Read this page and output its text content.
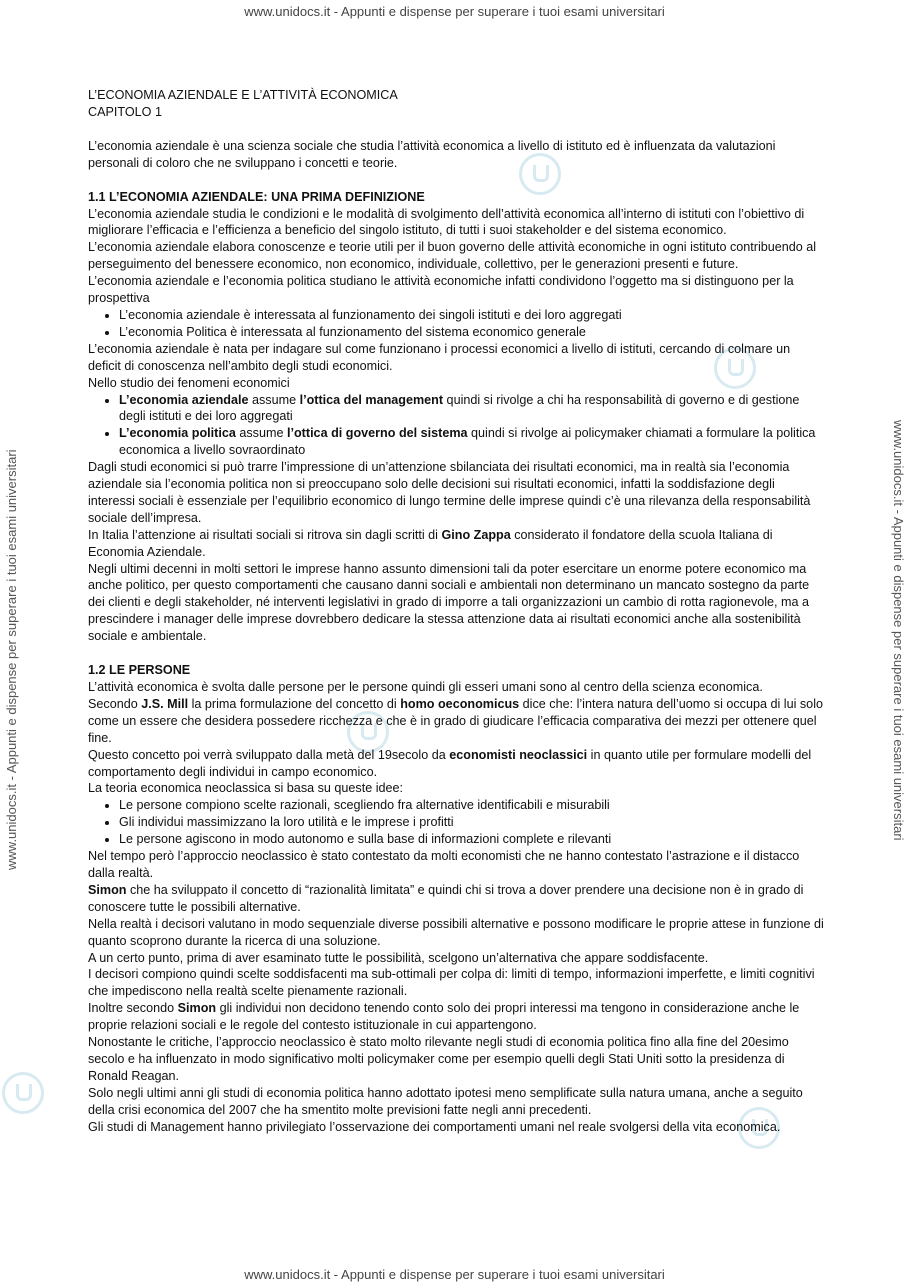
www.unidocs.it - Appunti e dispense per superare i tuoi esami universitari
www.unidocs.it - Appunti e dispense per superare i tuoi esami universitari	www.unidocs.it - Appunti e dispense per superare i tuoi esami universitari

L’ECONOMIA AZIENDALE E L’ATTIVITÀ ECONOMICA

CAPITOLO 1

L’economia aziendale è una scienza sociale che studia l’attività economica a livello di istituto ed è influenzata da valutazioni personali di coloro che ne sviluppano i concetti e teorie.

1.1 L’ECONOMIA AZIENDALE: UNA PRIMA DEFINIZIONE

L’economia aziendale studia le condizioni e le modalità di svolgimento dell’attività economica all’interno di istituti con l’obiettivo di migliorare l’efficacia e l’efficienza a beneficio del singolo istituto, di tutti i suoi stakeholder e del sistema economico.

L’economia aziendale elabora conoscenze e teorie utili per il buon governo delle attività economiche in ogni istituto contribuendo al perseguimento del benessere economico, non economico, individuale, collettivo, per le generazioni presenti e future.

L’economia aziendale e l’economia politica studiano le attività economiche infatti condividono l’oggetto ma si distinguono per la prospettiva

• L’economia aziendale è interessata al funzionamento dei singoli istituti e dei loro aggregati
• L’economia Politica è interessata al funzionamento del sistema economico generale

L’economia aziendale è nata per indagare sul come funzionano i processi economici a livello di istituti, cercando di colmare un deficit di conoscenza nell’ambito degli studi economici.

Nello studio dei fenomeni economici

• L’economia aziendale assume l’ottica del management quindi si rivolge a chi ha responsabilità di governo e di gestione degli istituti e dei loro aggregati
• L’economia politica assume l’ottica di governo del sistema quindi si rivolge ai policymaker chiamati a formulare la politica economica a livello sovraordinato

Dagli studi economici si può trarre l’impressione di un’attenzione sbilanciata dei risultati economici, ma in realtà sia l’economia aziendale sia l’economia politica non si preoccupano solo delle decisioni sui risultati economici, infatti la soddisfazione degli interessi sociali è essenziale per l’equilibrio economico di lungo termine delle imprese quindi c’è una rilevanza della responsabilità sociale dell’impresa.

In Italia l’attenzione ai risultati sociali si ritrova sin dagli scritti di Gino Zappa considerato il fondatore della scuola Italiana di Economia Aziendale.

Negli ultimi decenni in molti settori le imprese hanno assunto dimensioni tali da poter esercitare un enorme potere economico ma anche politico, per questo comportamenti che causano danni sociali e ambientali non determinano un mancato sostegno da parte dei clienti e degli stakeholder, né interventi legislativi in grado di imporre a tali organizzazioni un cambio di rotta ragionevole, ma a prescindere i manager delle imprese dovrebbero dedicare la stessa attenzione data ai risultati economici anche alla sostenibilità sociale e ambientale.

1.2 LE PERSONE

L’attività economica è svolta dalle persone per le persone quindi gli esseri umani sono al centro della scienza economica.

Secondo J.S. Mill la prima formulazione del concetto di homo oeconomicus dice che: l’intera natura dell’uomo si occupa di lui solo come un essere che desidera possedere ricchezza e che è in grado di giudicare l’efficacia comparativa dei mezzi per ottenere quel fine.

Questo concetto poi verrà sviluppato dalla metà del 19secolo da economisti neoclassici in quanto utile per formulare modelli del comportamento degli individui in campo economico.

La teoria economica neoclassica si basa su queste idee:

• Le persone compiono scelte razionali, scegliendo fra alternative identificabili e misurabili
• Gli individui massimizzano la loro utilità e le imprese i profitti
• Le persone agiscono in modo autonomo e sulla base di informazioni complete e rilevanti

Nel tempo però l’approccio neoclassico è stato contestato da molti economisti che ne hanno contestato l’astrazione e il distacco dalla realtà.

Simon che ha sviluppato il concetto di “razionalità limitata” e quindi chi si trova a dover prendere una decisione non è in grado di conoscere tutte le possibili alternative.

Nella realtà i decisori valutano in modo sequenziale diverse possibili alternative e possono modificare le proprie attese in funzione di quanto scoprono durante la ricerca di una soluzione.

A un certo punto, prima di aver esaminato tutte le possibilità, scelgono un’alternativa che appare soddisfacente.

I decisori compiono quindi scelte soddisfacenti ma sub-ottimali per colpa di: limiti di tempo, informazioni imperfette, e limiti cognitivi che impediscono nella realtà scelte pienamente razionali.

Inoltre secondo Simon gli individui non decidono tenendo conto solo dei propri interessi ma tengono in considerazione anche le proprie relazioni sociali e le regole del contesto istituzionale in cui appartengono.

Nonostante le critiche, l’approccio neoclassico è stato molto rilevante negli studi di economia politica fino alla fine del 20esimo secolo e ha influenzato in modo significativo molti policymaker come per esempio quelli degli Stati Uniti sotto la presidenza di Ronald Reagan.

Solo negli ultimi anni gli studi di economia politica hanno adottato ipotesi meno semplificate sulla natura umana, anche a seguito della crisi economica del 2007 che ha smentito molte previsioni fatte negli anni precedenti.

Gli studi di Management hanno privilegiato l’osservazione dei comportamenti umani nel reale svolgersi della vita economica.

www.unidocs.it - Appunti e dispense per superare i tuoi esami universitari
